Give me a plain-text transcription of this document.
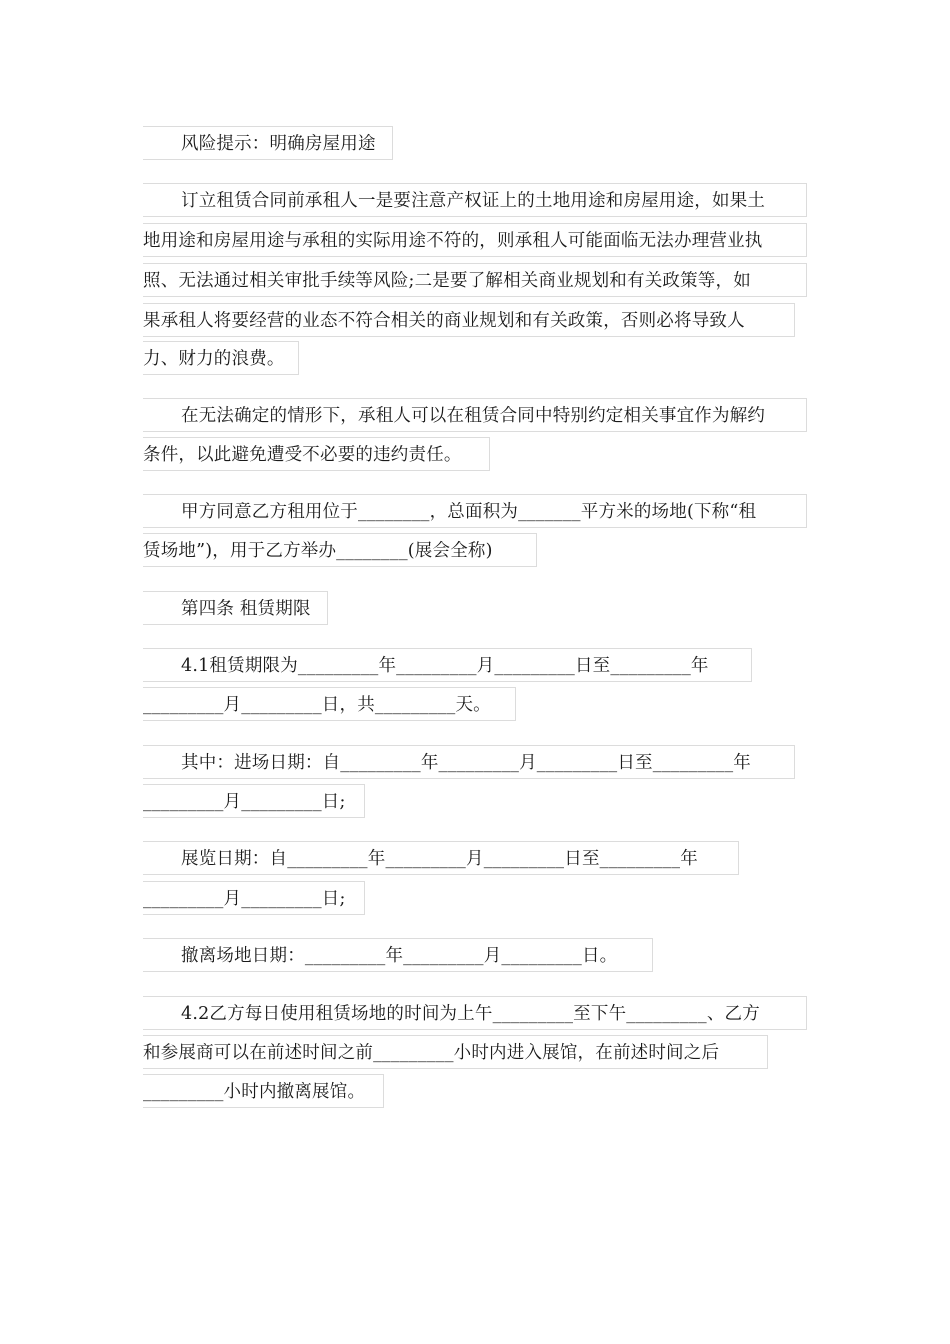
风险提示：明确房屋用途
订立租赁合同前承租人一是要注意产权证上的土地用途和房屋用途，如果土
地用途和房屋用途与承租的实际用途不符的，则承租人可能面临无法办理营业执
照、无法通过相关审批手续等风险;二是要了解相关商业规划和有关政策等，如
果承租人将要经营的业态不符合相关的商业规划和有关政策，否则必将导致人
力、财力的浪费。
在无法确定的情形下，承租人可以在租赁合同中特别约定相关事宜作为解约
条件，以此避免遭受不必要的违约责任。
甲方同意乙方租用位于________，总面积为_______平方米的场地(下称“租
赁场地”)，用于乙方举办________(展会全称)
第四条 租赁期限
4.1租赁期限为_________年_________月_________日至_________年
_________月_________日，共_________天。
其中：进场日期：自_________年_________月_________日至_________年
_________月_________日;
展览日期：自_________年_________月_________日至_________年
_________月_________日;
撤离场地日期：_________年_________月_________日。
4.2乙方每日使用租赁场地的时间为上午_________至下午_________、乙方
和参展商可以在前述时间之前_________小时内进入展馆，在前述时间之后
_________小时内撤离展馆。
